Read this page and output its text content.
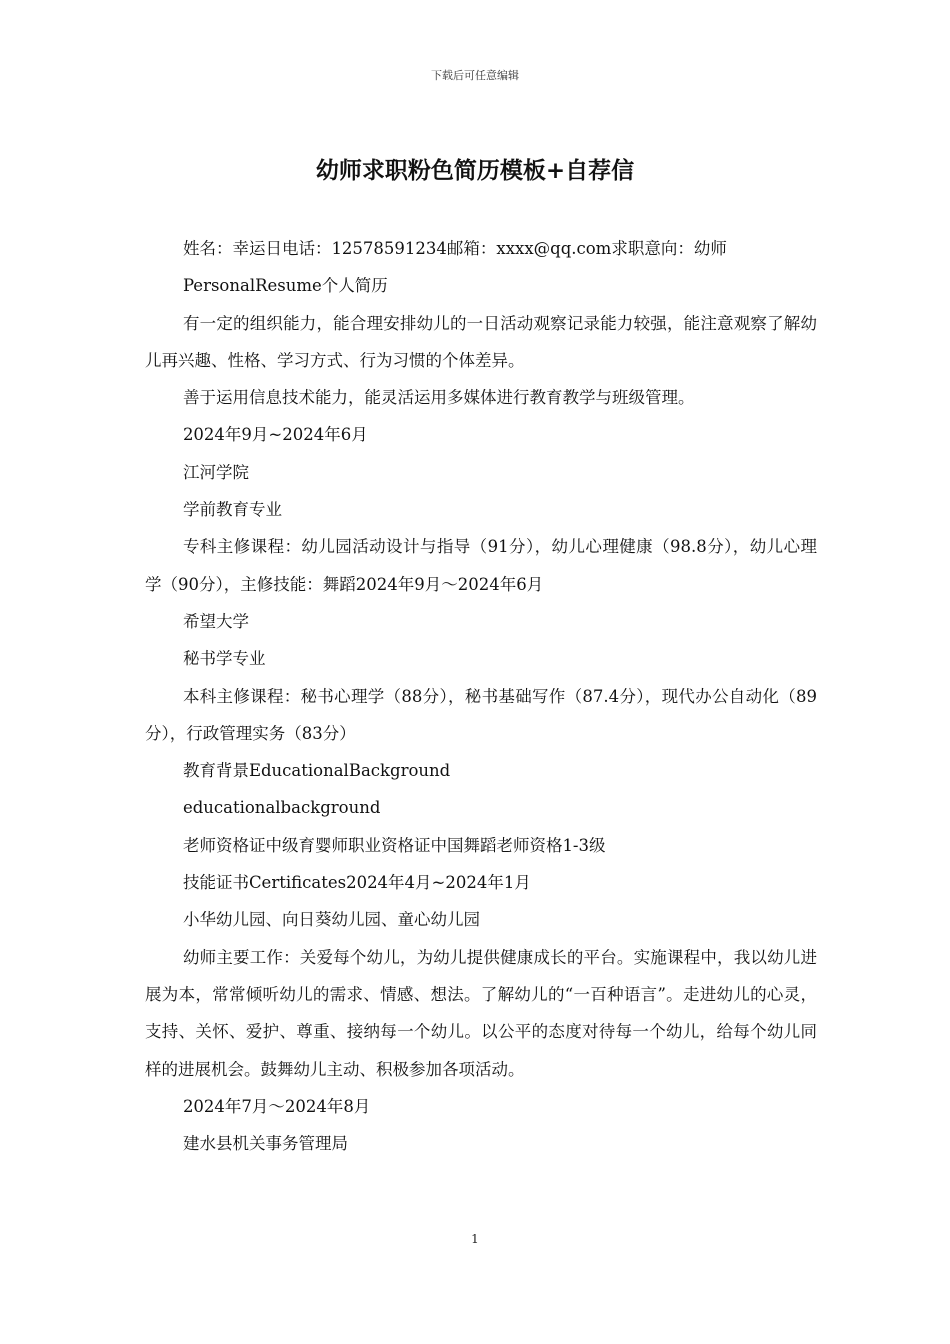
下载后可任意编辑
幼师求职粉色简历模板+自荐信

姓名：幸运日电话：12578591234邮箱：xxxx@qq.com求职意向：幼师

PersonalResume个人简历

有一定的组织能力，能合理安排幼儿的一日活动观察记录能力较强，能注意观察了解幼儿再兴趣、性格、学习方式、行为习惯的个体差异。

善于运用信息技术能力，能灵活运用多媒体进行教育教学与班级管理。

2024年9月~2024年6月

江河学院

学前教育专业

专科主修课程：幼儿园活动设计与指导（91分），幼儿心理健康（98.8分），幼儿心理学（90分），主修技能：舞蹈2024年9月～2024年6月

希望大学

秘书学专业

本科主修课程：秘书心理学（88分），秘书基础写作（87.4分），现代办公自动化（89分），行政管理实务（83分）

教育背景EducationalBackground

educationalbackground

老师资格证中级育婴师职业资格证中国舞蹈老师资格1-3级

技能证书Certificates2024年4月~2024年1月

小华幼儿园、向日葵幼儿园、童心幼儿园

幼师主要工作：关爱每个幼儿，为幼儿提供健康成长的平台。实施课程中，我以幼儿进展为本，常常倾听幼儿的需求、情感、想法。了解幼儿的“一百种语言”。走进幼儿的心灵，支持、关怀、爱护、尊重、接纳每一个幼儿。以公平的态度对待每一个幼儿，给每个幼儿同样的进展机会。鼓舞幼儿主动、积极参加各项活动。

2024年7月～2024年8月

建水县机关事务管理局

1
